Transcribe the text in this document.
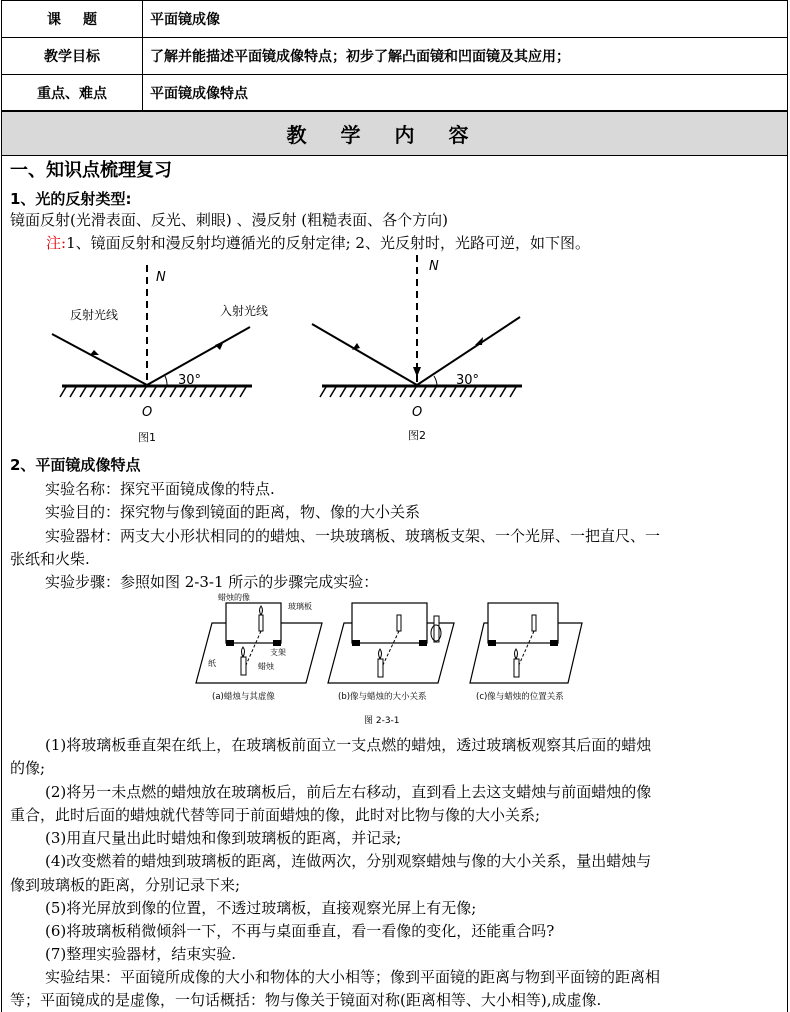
课题 平面镜成像
教学目标	了解并能描述平面镜成像特点；初步了解凸面镜和凹面镜及其应用；
重点、难点	平面镜成像特点
教学内容
一、知识点梳理复习
1、光的反射类型:
镜面反射(光滑表面、反光、刺眼) 、漫反射 (粗糙表面、各个方向)
注:1、镜面反射和漫反射均遵循光的反射定律; 2、光反射时，光路可逆，如下图。
N
反射光线	入射光线
30°
O
图1
N
30°
O
图2
2、平面镜成像特点
实验名称：探究平面镜成像的特点.
实验目的：探究物与像到镜面的距离，物、像的大小关系
实验器材：两支大小形状相同的的蜡烛、一块玻璃板、玻璃板支架、一个光屏、一把直尺、一
张纸和火柴.
实验步骤：参照如图 2-3-1 所示的步骤完成实验：
蜡烛的像
玻璃板
纸
支架
蜡烛
(a)蜡烛与其虚像	(b)像与蜡烛的大小关系	(c)像与蜡烛的位置关系
图 2-3-1
(1)将玻璃板垂直架在纸上，在玻璃板前面立一支点燃的蜡烛，透过玻璃板观察其后面的蜡烛
的像;
(2)将另一未点燃的蜡烛放在玻璃板后，前后左右移动，直到看上去这支蜡烛与前面蜡烛的像
重合，此时后面的蜡烛就代替等同于前面蜡烛的像，此时对比物与像的大小关系;
(3)用直尺量出此时蜡烛和像到玻璃板的距离，并记录;
(4)改变燃着的蜡烛到玻璃板的距离，连做两次，分别观察蜡烛与像的大小关系，量出蜡烛与
像到玻璃板的距离，分别记录下来;
(5)将光屏放到像的位置，不透过玻璃板，直接观察光屏上有无像;
(6)将玻璃板稍微倾斜一下，不再与桌面垂直，看一看像的变化，还能重合吗?
(7)整理实验器材，结束实验.
实验结果：平面镜所成像的大小和物体的大小相等；像到平面镜的距离与物到平面镑的距离相
等；平面镜成的是虚像，一句话概括：物与像关于镜面对称(距离相等、大小相等),成虚像.
